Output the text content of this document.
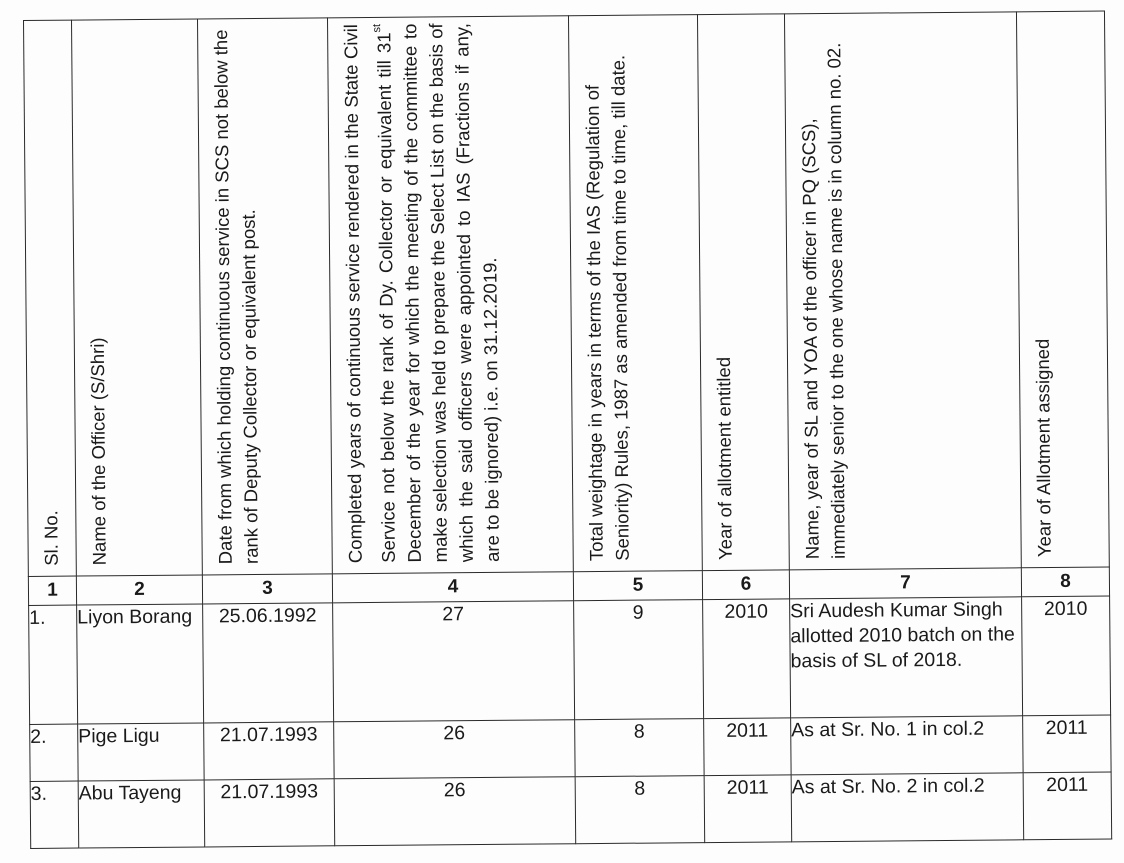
Sl. No.	Name of the Officer (S/Shri)	Date from which holding continuous service in SCS not below the rank of Deputy Collector or equivalent post.	Completed years of continuous service rendered in the State Civil Service not below the rank of Dy. Collector or equivalent till 31st December of the year for which the meeting of the committee to make selection was held to prepare the Select List on the basis of which the said officers were appointed to IAS (Fractions if any, are to be ignored) i.e. on 31.12.2019.	Total weightage in years in terms of the IAS (Regulation of Seniority) Rules, 1987 as amended from time to time, till date.	Year of allotment entitled	Name, year of SL and YOA of the officer in PQ (SCS), immediately senior to the one whose name is in column no. 02.	Year of Allotment assigned

1	2	3	4	5	6	7	8
1.	Liyon Borang	25.06.1992	27	9	2010	Sri Audesh Kumar Singh allotted 2010 batch on the basis of SL of 2018.	2010
2.	Pige Ligu	21.07.1993	26	8	2011	As at Sr. No. 1 in col.2	2011
3.	Abu Tayeng	21.07.1993	26	8	2011	As at Sr. No. 2 in col.2	2011
